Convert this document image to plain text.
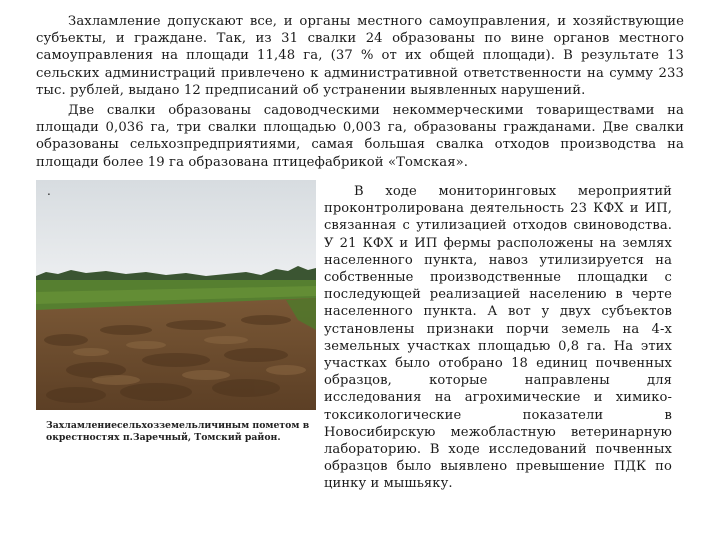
Захламление допускают все, и органы местного самоуправления, и хозяйствующие субъекты, и граждане. Так, из 31 свалки 24 образованы по вине органов местного самоуправления на площади 11,48 га, (37 % от их общей площади). В результате 13 сельских администраций привлечено к административной ответственности на сумму 233 тыс. рублей, выдано 12 предписаний об устранении выявленных нарушений.

Две свалки образованы садоводческими некоммерческими товариществами на площади 0,036 га, три свалки площадью 0,003 га, образованы гражданами. Две свалки образованы сельхозпредприятиями, самая большая свалка отходов производства на площади более 19 га образована птицефабрикой «Томская».

.
Захламлениесельхозземельличиным пометом в окрестностях п.Заречный, Томский район.

В ходе мониторинговых мероприятий проконтролирована деятельность 23 КФХ и ИП, связанная с утилизацией отходов свиноводства. У 21 КФХ и ИП фермы расположены на землях населенного пункта, навоз утилизируется на собственные производственные площадки с последующей реализацией населению в черте населенного пункта. А вот у двух субъектов установлены признаки порчи земель на 4-х земельных участках площадью 0,8 га. На этих участках было отобрано 18 единиц почвенных образцов, которые направлены для исследования на агрохимические и химико-токсикологические показатели в Новосибирскую межобластную ветеринарную лабораторию. В ходе исследований почвенных образцов было выявлено превышение ПДК по цинку и мышьяку.
